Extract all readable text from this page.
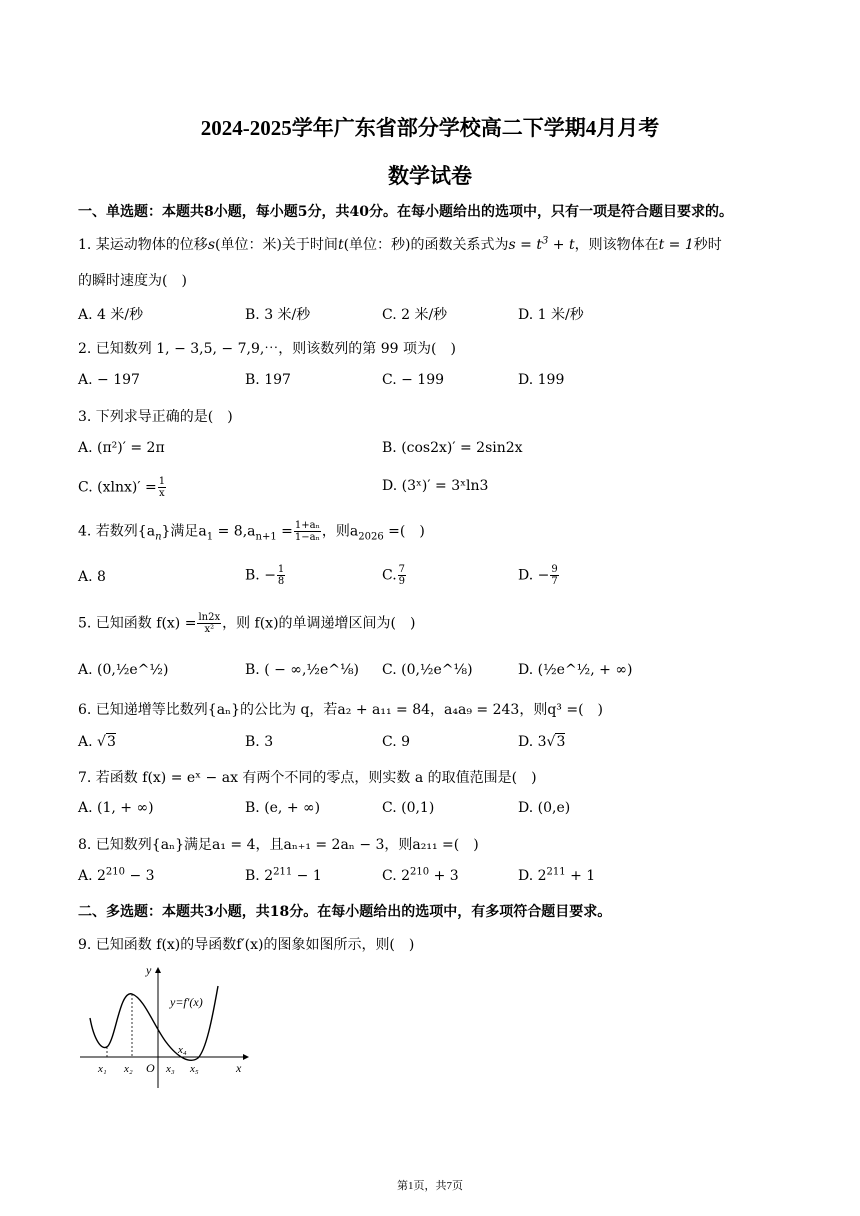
2024-2025学年广东省部分学校高二下学期4月月考
数学试卷
一、单选题：本题共8小题，每小题5分，共40分。在每小题给出的选项中，只有一项是符合题目要求的。
1. 某运动物体的位移s(单位：米)关于时间t(单位：秒)的函数关系式为$s = t^3 + t$，则该物体在t = 1秒时
的瞬时速度为(　)
A. 4 米/秒	B. 3 米/秒	C. 2 米/秒	D. 1 米/秒
2. 已知数列 1, − 3,5, − 7,9,⋯，则该数列的第 99 项为(　)
A. − 197	B. 197	C. − 199	D. 199
3. 下列求导正确的是(　)
A. (π²)′ = 2π	B. (cos2x)′ = 2sin2x
C. $(xlnx)' = \frac{1}{x}$	D. (3ˣ)′ = 3ˣln3
4. 若数列$\{a_n\}$满足$a_1 = 8,a_{n+1} = \frac{\text{1+aₙ}}{\text{1−aₙ}}$ ，则$a_{2026}$ =(　)
A. 8	B. − $\frac{1}{8}$	C. $\frac{7}{9}$	D. − $\frac{9}{7}$
5. 已知函数 $f(x) = \frac{\ln 2x}{\text{x²}}$ ，则 f(x)的单调递增区间为(　)
A. (0,½e^½)	B. ( − ∞,½e^⅛) C. (0,½e^⅛)	D. (½e^½, + ∞)
6. 已知递增等比数列{aₙ}的公比为 q，若a₂ + a₁₁ = 84，a₄a₉ = 243，则q³ =(　)
A. √3	B. 3	C. 9	D. 3√3
7. 若函数 f(x) = eˣ − ax 有两个不同的零点，则实数 a 的取值范围是(　)
A. (1, + ∞)	B. (e, + ∞)	C. (0,1)	D. (0,e)
8. 已知数列{aₙ}满足a₁ = 4，且aₙ₊₁ = 2aₙ − 3，则a₂₁₁ =(　)
A. $2^{210} - 3$	B. $2^{211} - 1$	C. $2^{210} + 3$	D. $2^{211} + 1$
二、多选题：本题共3小题，共18分。在每小题给出的选项中，有多项符合题目要求。
9. 已知函数 f(x)的导函数f′(x)的图象如图所示，则(　)
y
x
O
y=f′(x)
x₁ x₂	x₃
x₄
x₅
第1页，共7页
